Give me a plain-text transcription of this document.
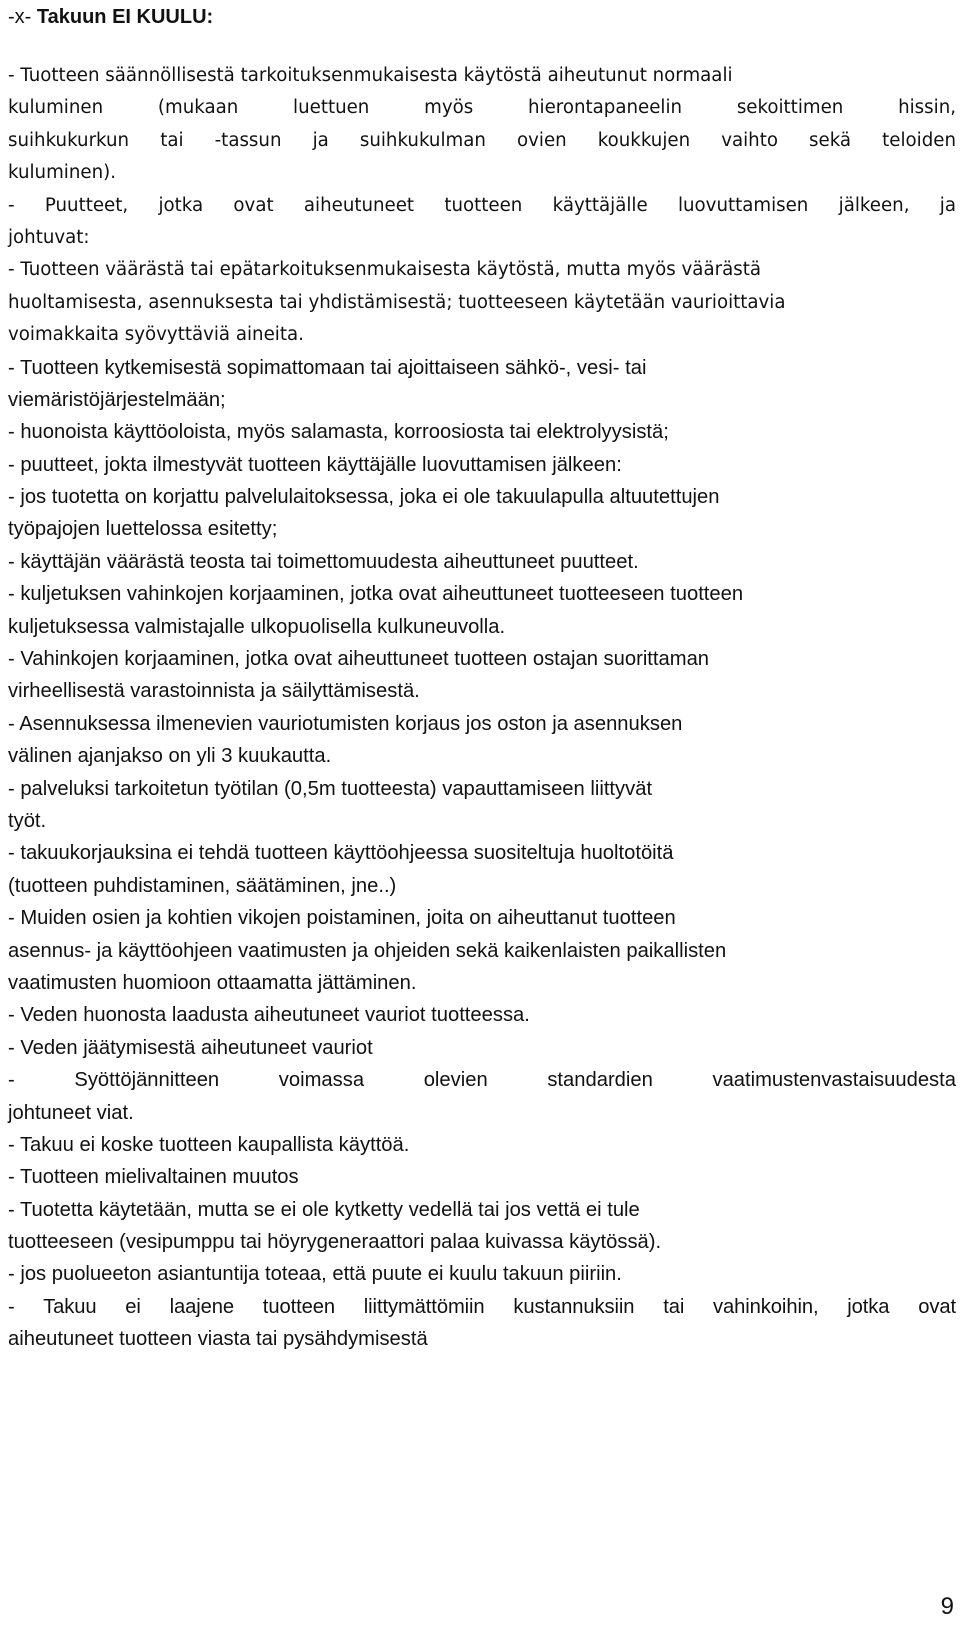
-x- Takuun EI KUULU:
- Tuotteen säännöllisestä tarkoituksenmukaisesta käytöstä aiheutunut normaali
kuluminen (mukaan luettuen myös hierontapaneelin sekoittimen hissin,
suihkukurkun tai -tassun ja suihkukulman ovien koukkujen vaihto sekä teloiden
kuluminen).
- Puutteet, jotka ovat aiheutuneet tuotteen käyttäjälle luovuttamisen jälkeen, ja
johtuvat:
- Tuotteen väärästä tai epätarkoituksenmukaisesta käytöstä, mutta myös väärästä
huoltamisesta, asennuksesta tai yhdistämisestä; tuotteeseen käytetään vaurioittavia
voimakkaita syövyttäviä aineita.
- Tuotteen kytkemisestä sopimattomaan tai ajoittaiseen sähkö-, vesi- tai
viemäristöjärjestelmään;
- huonoista käyttöoloista, myös salamasta, korroosiosta tai elektrolyysistä;
- puutteet, jokta ilmestyvät tuotteen käyttäjälle luovuttamisen jälkeen:
- jos tuotetta on korjattu palvelulaitoksessa, joka ei ole takuulapulla altuutettujen
työpajojen luettelossa esitetty;
- käyttäjän väärästä teosta tai toimettomuudesta aiheuttuneet puutteet.
- kuljetuksen vahinkojen korjaaminen, jotka ovat aiheuttuneet tuotteeseen tuotteen
kuljetuksessa valmistajalle ulkopuolisella kulkuneuvolla.
- Vahinkojen korjaaminen, jotka ovat aiheuttuneet tuotteen ostajan suorittaman
virheellisestä varastoinnista ja säilyttämisestä.
- Asennuksessa ilmenevien vauriotumisten korjaus jos oston ja asennuksen
välinen ajanjakso on yli 3 kuukautta.
- palveluksi tarkoitetun työtilan (0,5m tuotteesta) vapauttamiseen liittyvät
työt.
- takuukorjauksina ei tehdä tuotteen käyttöohjeessa suositeltuja huoltotöitä
(tuotteen puhdistaminen, säätäminen, jne..)
- Muiden osien ja kohtien vikojen poistaminen, joita on aiheuttanut tuotteen
asennus- ja käyttöohjeen vaatimusten ja ohjeiden sekä kaikenlaisten paikallisten
vaatimusten huomioon ottaamatta jättäminen.
- Veden huonosta laadusta aiheutuneet vauriot tuotteessa.
- Veden jäätymisestä aiheutuneet vauriot
- Syöttöjännitteen voimassa olevien standardien vaatimustenvastaisuudesta
johtuneet viat.
- Takuu ei koske tuotteen kaupallista käyttöä.
- Tuotteen mielivaltainen muutos
- Tuotetta käytetään, mutta se ei ole kytketty vedellä tai jos vettä ei tule
tuotteeseen (vesipumppu tai höyrygeneraattori palaa kuivassa käytössä).
- jos puolueeton asiantuntija toteaa, että puute ei kuulu takuun piiriin.
- Takuu ei laajene tuotteen liittymättömiin kustannuksiin tai vahinkoihin, jotka ovat
aiheutuneet tuotteen viasta tai pysähdymisestä
9
